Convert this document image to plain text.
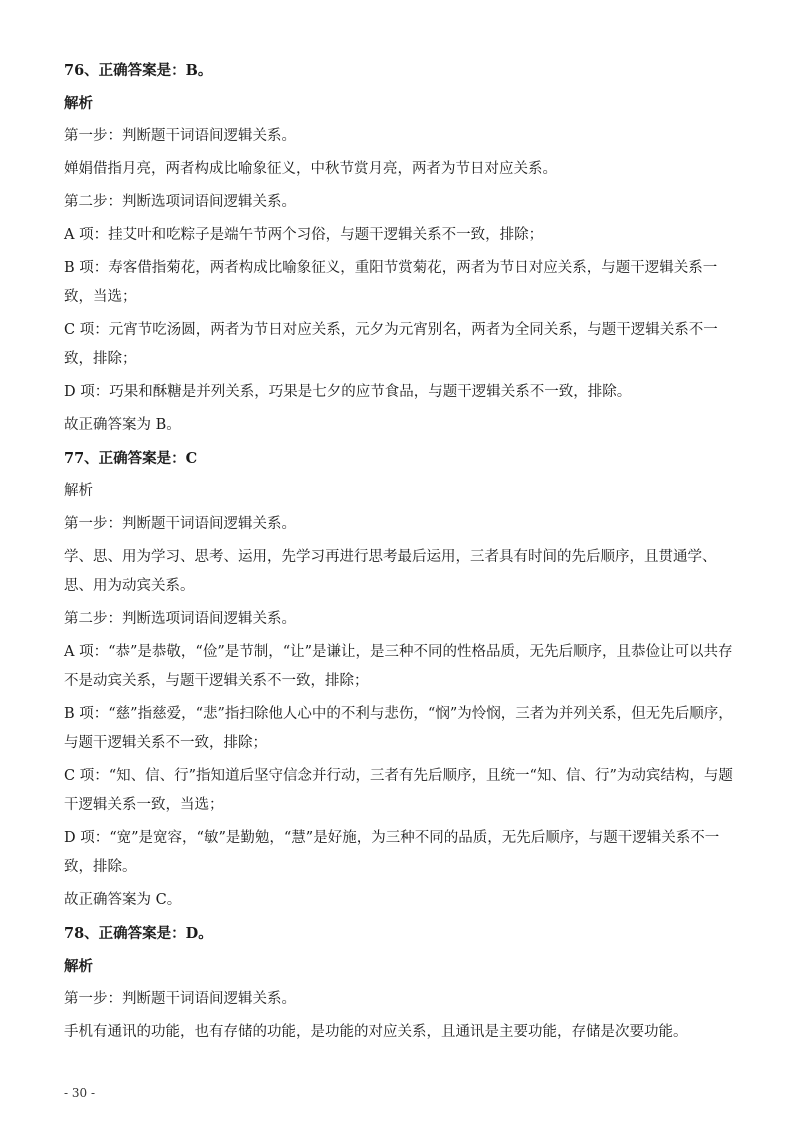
76、正确答案是：B。
解析
第一步：判断题干词语间逻辑关系。
婵娟借指月亮，两者构成比喻象征义，中秋节赏月亮，两者为节日对应关系。
第二步：判断选项词语间逻辑关系。
A 项：挂艾叶和吃粽子是端午节两个习俗，与题干逻辑关系不一致，排除；
B 项：寿客借指菊花，两者构成比喻象征义，重阳节赏菊花，两者为节日对应关系，与题干逻辑关系一致，当选；
C 项：元宵节吃汤圆，两者为节日对应关系，元夕为元宵别名，两者为全同关系，与题干逻辑关系不一致，排除；
D 项：巧果和酥糖是并列关系，巧果是七夕的应节食品，与题干逻辑关系不一致，排除。
故正确答案为 B。
77、正确答案是：C
解析
第一步：判断题干词语间逻辑关系。
学、思、用为学习、思考、运用，先学习再进行思考最后运用，三者具有时间的先后顺序，且贯通学、思、用为动宾关系。
第二步：判断选项词语间逻辑关系。
A 项：“恭”是恭敬，“俭”是节制，“让”是谦让，是三种不同的性格品质，无先后顺序，且恭俭让可以共存不是动宾关系，与题干逻辑关系不一致，排除；
B 项：“慈”指慈爱，“悲”指扫除他人心中的不利与悲伤，“悯”为怜悯，三者为并列关系，但无先后顺序，与题干逻辑关系不一致，排除；
C 项：“知、信、行”指知道后坚守信念并行动，三者有先后顺序，且统一“知、信、行”为动宾结构，与题干逻辑关系一致，当选；
D 项：“宽”是宽容，“敏”是勤勉，“慧”是好施，为三种不同的品质，无先后顺序，与题干逻辑关系不一致，排除。
故正确答案为 C。
78、正确答案是：D。
解析
第一步：判断题干词语间逻辑关系。
手机有通讯的功能，也有存储的功能，是功能的对应关系，且通讯是主要功能，存储是次要功能。
- 30 -
